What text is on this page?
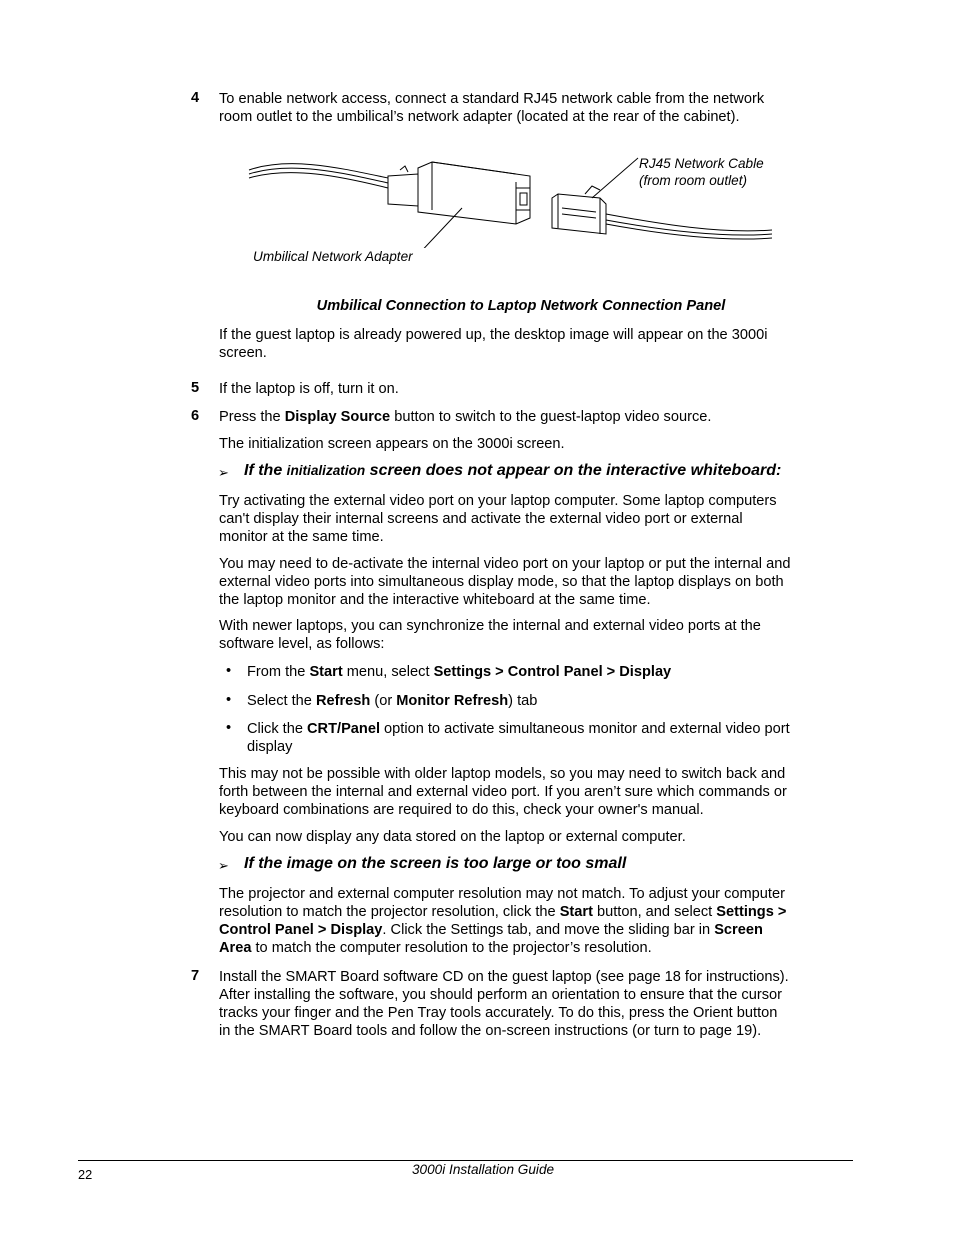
4 To enable network access, connect a standard RJ45 network cable from the network
room outlet to the umbilical’s network adapter (located at the rear of the cabinet).
RJ45 Network Cable
(from room outlet)
Umbilical Network Adapter
Umbilical Connection to Laptop Network Connection Panel
If the guest laptop is already powered up, the desktop image will appear on the 3000i
screen.
5 If the laptop is off, turn it on.
6 Press the Display Source button to switch to the guest-laptop video source.
The initialization screen appears on the 3000i screen.
➢ If the initialization screen does not appear on the interactive whiteboard:
Try activating the external video port on your laptop computer. Some laptop computers
can't display their internal screens and activate the external video port or external
monitor at the same time.
You may need to de-activate the internal video port on your laptop or put the internal and
external video ports into simultaneous display mode, so that the laptop displays on both
the laptop monitor and the interactive whiteboard at the same time.
With newer laptops, you can synchronize the internal and external video ports at the
software level, as follows:
• From the Start menu, select Settings > Control Panel > Display
• Select the Refresh (or Monitor Refresh) tab
• Click the CRT/Panel option to activate simultaneous monitor and external video port
display
This may not be possible with older laptop models, so you may need to switch back and
forth between the internal and external video port. If you aren’t sure which commands or
keyboard combinations are required to do this, check your owner's manual.
You can now display any data stored on the laptop or external computer.
➢ If the image on the screen is too large or too small
The projector and external computer resolution may not match. To adjust your computer
resolution to match the projector resolution, click the Start button, and select Settings >
Control Panel > Display. Click the Settings tab, and move the sliding bar in Screen
Area to match the computer resolution to the projector’s resolution.
7 Install the SMART Board software CD on the guest laptop (see page 18 for instructions).
After installing the software, you should perform an orientation to ensure that the cursor
tracks your finger and the Pen Tray tools accurately. To do this, press the Orient button
in the SMART Board tools and follow the on-screen instructions (or turn to page 19).
22	3000i Installation Guide
